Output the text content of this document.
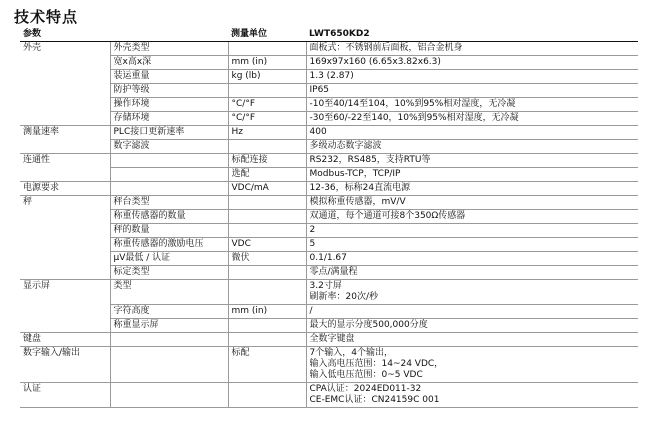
技术特点
参数		测量单位	LWT650KD2
外壳	外壳类型		面板式：不锈钢前后面板，铝合金机身
	宽x高x深	mm (in)	169x97x160 (6.65x3.82x6.3)
	装运重量	kg (lb)	1.3 (2.87)
	防护等级		IP65
	操作环境	°C/°F	-10至40/14至104，10%到95%相对湿度，无冷凝
	存储环境	°C/°F	-30至60/-22至140，10%到95%相对湿度，无冷凝
测量速率	PLC接口更新速率	Hz	400
	数字滤波		多级动态数字滤波
连通性		标配连接	RS232，RS485，支持RTU等
		选配	Modbus-TCP，TCP/IP
电源要求		VDC/mA	12-36，标称24直流电源
秤	秤台类型		模拟称重传感器，mV/V
	称重传感器的数量		双通道，每个通道可接8个350Ω传感器
	秤的数量		2
	称重传感器的激励电压	VDC	5
	μV最低 / 认证	微伏	0.1/1.67
	标定类型		零点/满量程
显示屏	类型		3.2寸屏
刷新率：20次/秒
	字符高度	mm (in)	/
	称重显示屏		最大的显示分度500,000分度
键盘			全数字键盘
数字输入/输出		标配	7个输入，4个输出，
输入高电压范围：14~24 VDC，
输入低电压范围：0~5 VDC
认证			CPA认证：2024ED011-32
CE-EMC认证：CN24159C 001
